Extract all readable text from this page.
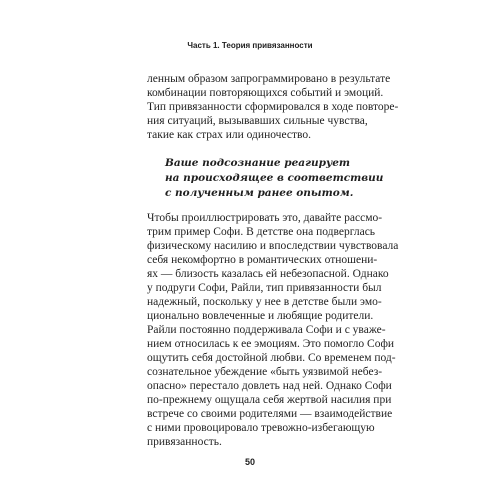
Часть 1. Теория привязанности
ленным образом запрограммировано в результате
комбинации повторяющихся событий и эмоций.
Тип привязанности сформировался в ходе повторе-
ния ситуаций, вызывавших сильные чувства,
такие как страх или одиночество.
Ваше подсознание реагирует
на происходящее в соответствии
с полученным ранее опытом.
Чтобы проиллюстрировать это, давайте рассмо-
трим пример Софи. В детстве она подверглась
физическому насилию и впоследствии чувствовала
себя некомфортно в романтических отношени-
ях — близость казалась ей небезопасной. Однако
у подруги Софи, Райли, тип привязанности был
надежный, поскольку у нее в детстве были эмо-
ционально вовлеченные и любящие родители.
Райли постоянно поддерживала Софи и с уваже-
нием относилась к ее эмоциям. Это помогло Софи
ощутить себя достойной любви. Со временем под-
сознательное убеждение «быть уязвимой небез-
опасно» перестало довлеть над ней. Однако Софи
по-прежнему ощущала себя жертвой насилия при
встрече со своими родителями — взаимодействие
с ними провоцировало тревожно-избегающую
привязанность.
50
